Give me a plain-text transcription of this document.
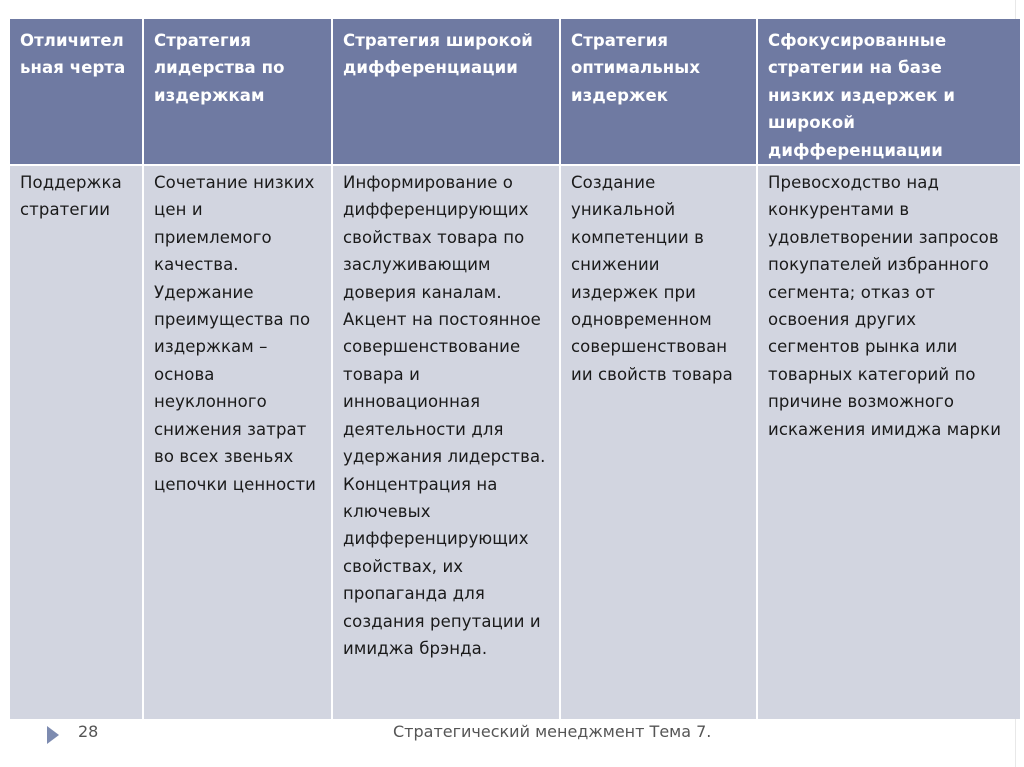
Отличител ьная черта	Стратегия лидерства по издержкам	Стратегия широкой дифференциации	Стратегия оптимальных издержек	Сфокусированные стратегии на базе низких издержек и широкой дифференциации
Поддержка стратегии	Сочетание низких цен и приемлемого качества. Удержание преимущества по издержкам – основа неуклонного снижения затрат во всех звеньях цепочки ценности	Информирование о дифференцирующих свойствах товара по заслуживающим доверия каналам. Акцент на постоянное совершенствование товара и инновационная деятельности для удержания лидерства. Концентрация на ключевых дифференцирующих свойствах, их пропаганда для создания репутации и имиджа брэнда.	Создание уникальной компетенции в снижении издержек при одновременном совершенствован ии свойств товара	Превосходство над конкурентами в удовлетворении запросов покупателей избранного сегмента; отказ от освоения других сегментов рынка или товарных категорий по причине возможного искажения имиджа марки
28	Стратегический менеджмент Тема 7.
